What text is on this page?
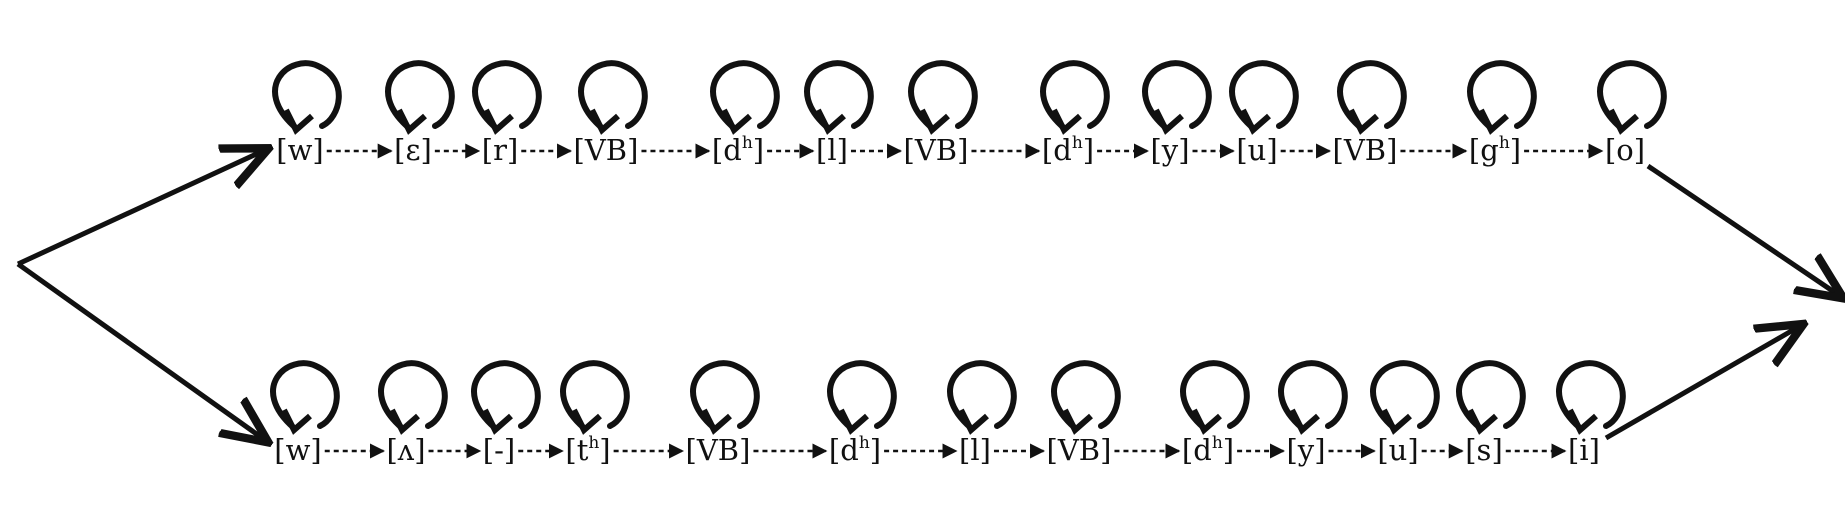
[w] [ε] [r] [VB]	$[d^h]$ [l] [VB]	$[d^h]$ [y] [u] [VB] $[g^h]$	[o]
[w] [ʌ] [-] $[t^h]$	[VB]	$[d^h]$	[l] [VB] $[d^h]$ [y] [u] [s] [i]
